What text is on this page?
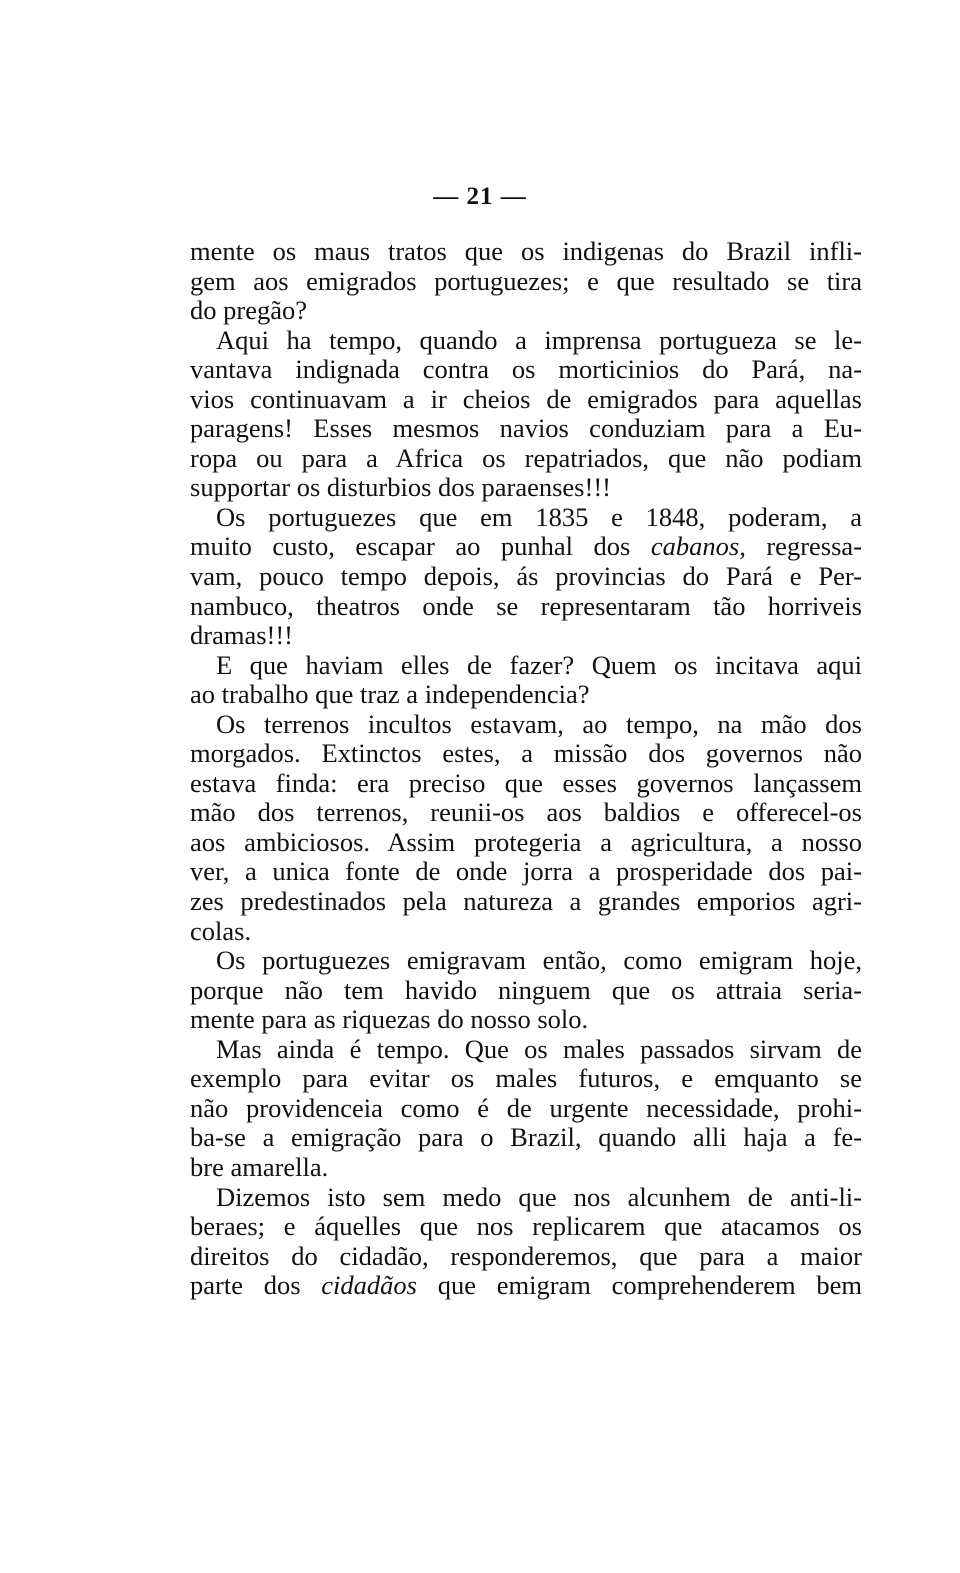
— 21 —
mente os maus tratos que os indigenas do Brazil infli-
gem aos emigrados portuguezes; e que resultado se tira
do pregão?
Aqui ha tempo, quando a imprensa portugueza se le-
vantava indignada contra os morticinios do Pará, na-
vios continuavam a ir cheios de emigrados para aquellas
paragens! Esses mesmos navios conduziam para a Eu-
ropa ou para a Africa os repatriados, que não podiam
supportar os disturbios dos paraenses!!!
Os portuguezes que em 1835 e 1848, poderam, a
muito custo, escapar ao punhal dos cabanos, regressa-
vam, pouco tempo depois, ás provincias do Pará e Per-
nambuco, theatros onde se representaram tão horriveis
dramas!!!
E que haviam elles de fazer? Quem os incitava aqui
ao trabalho que traz a independencia?
Os terrenos incultos estavam, ao tempo, na mão dos
morgados. Extinctos estes, a missão dos governos não
estava finda: era preciso que esses governos lançassem
mão dos terrenos, reunii-os aos baldios e offerecel-os
aos ambiciosos. Assim protegeria a agricultura, a nosso
ver, a unica fonte de onde jorra a prosperidade dos pai-
zes predestinados pela natureza a grandes emporios agri-
colas.
Os portuguezes emigravam então, como emigram hoje,
porque não tem havido ninguem que os attraia seria-
mente para as riquezas do nosso solo.
Mas ainda é tempo. Que os males passados sirvam de
exemplo para evitar os males futuros, e emquanto se
não providenceia como é de urgente necessidade, prohi-
ba-se a emigração para o Brazil, quando alli haja a fe-
bre amarella.
Dizemos isto sem medo que nos alcunhem de anti-li-
beraes; e áquelles que nos replicarem que atacamos os
direitos do cidadão, responderemos, que para a maior
parte dos cidadãos que emigram comprehenderem bem
